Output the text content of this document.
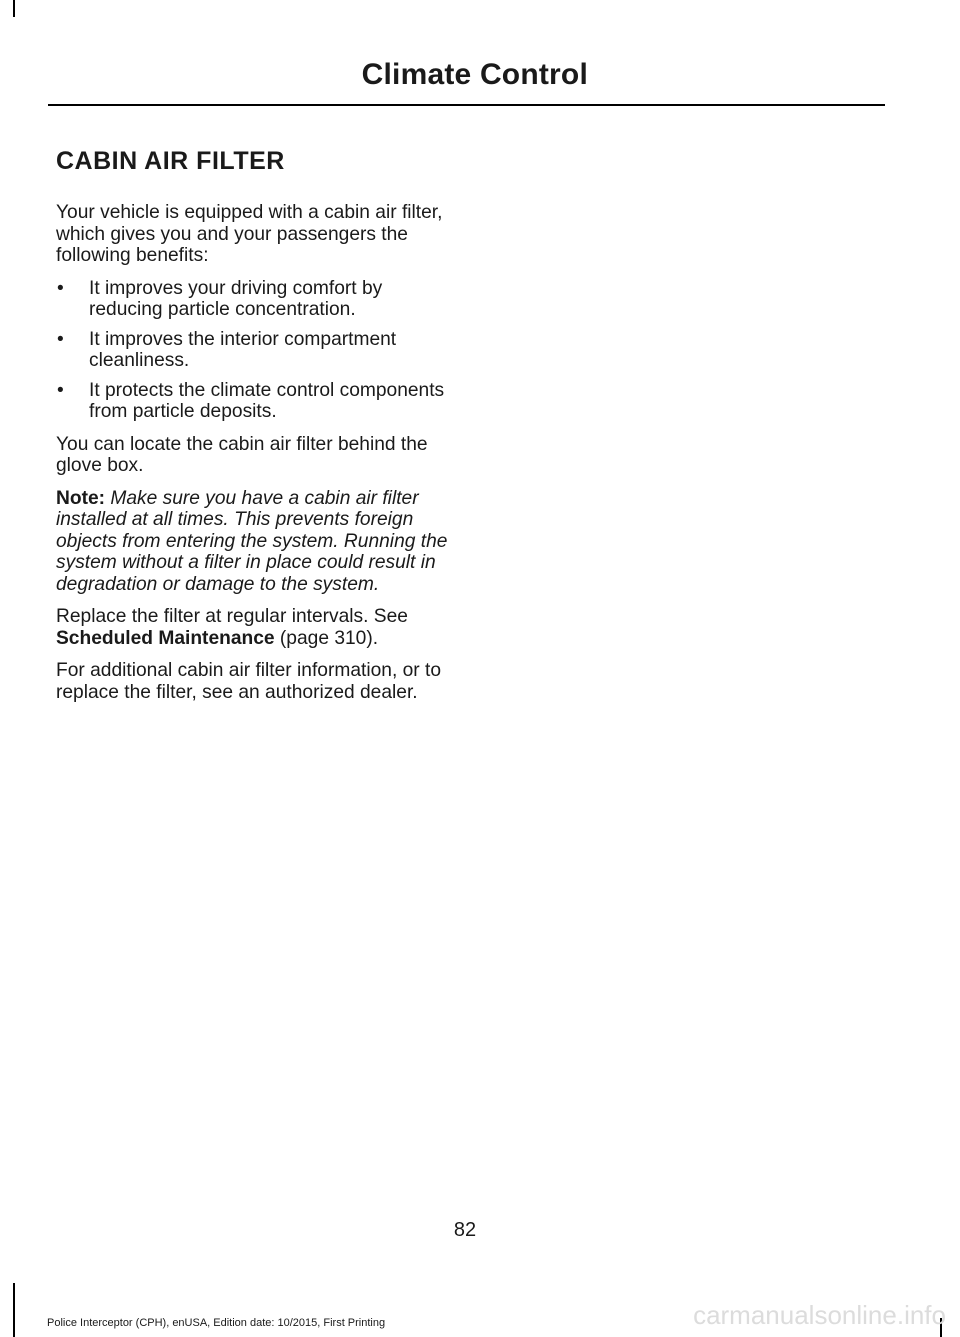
Climate Control
CABIN AIR FILTER

Your vehicle is equipped with a cabin air filter, which gives you and your passengers the following benefits:

• It improves your driving comfort by reducing particle concentration.
• It improves the interior compartment cleanliness.
• It protects the climate control components from particle deposits.

You can locate the cabin air filter behind the glove box.

Note: Make sure you have a cabin air filter installed at all times. This prevents foreign objects from entering the system. Running the system without a filter in place could result in degradation or damage to the system.

Replace the filter at regular intervals. See Scheduled Maintenance (page 310).

For additional cabin air filter information, or to replace the filter, see an authorized dealer.

82
Police Interceptor (CPH), enUSA, Edition date: 10/2015, First Printing	carmanualsonline.info
